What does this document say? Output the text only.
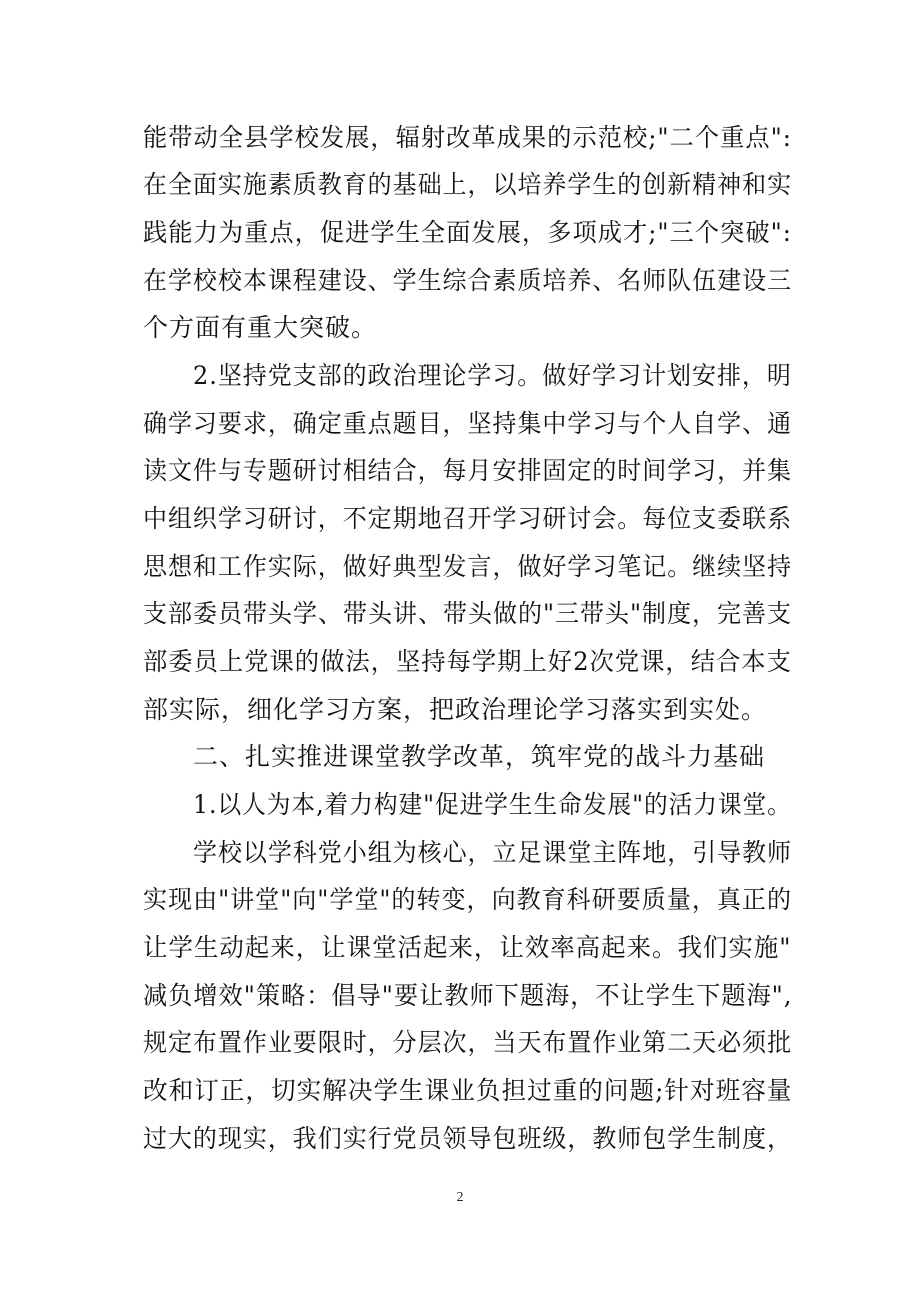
能带动全县学校发展，辐射改革成果的示范校;"二个重点":
在全面实施素质教育的基础上，以培养学生的创新精神和实
践能力为重点，促进学生全面发展，多项成才;"三个突破":
在学校校本课程建设、学生综合素质培养、名师队伍建设三
个方面有重大突破。
2.坚持党支部的政治理论学习。做好学习计划安排，明
确学习要求，确定重点题目，坚持集中学习与个人自学、通
读文件与专题研讨相结合，每月安排固定的时间学习，并集
中组织学习研讨，不定期地召开学习研讨会。每位支委联系
思想和工作实际，做好典型发言，做好学习笔记。继续坚持
支部委员带头学、带头讲、带头做的"三带头"制度，完善支
部委员上党课的做法，坚持每学期上好2次党课，结合本支
部实际，细化学习方案，把政治理论学习落实到实处。
二、扎实推进课堂教学改革，筑牢党的战斗力基础
1.以人为本,着力构建"促进学生生命发展"的活力课堂。
学校以学科党小组为核心，立足课堂主阵地，引导教师
实现由"讲堂"向"学堂"的转变，向教育科研要质量，真正的
让学生动起来，让课堂活起来，让效率高起来。我们实施"
减负增效"策略：倡导"要让教师下题海，不让学生下题海",
规定布置作业要限时，分层次，当天布置作业第二天必须批
改和订正，切实解决学生课业负担过重的问题;针对班容量
过大的现实，我们实行党员领导包班级，教师包学生制度，
2
